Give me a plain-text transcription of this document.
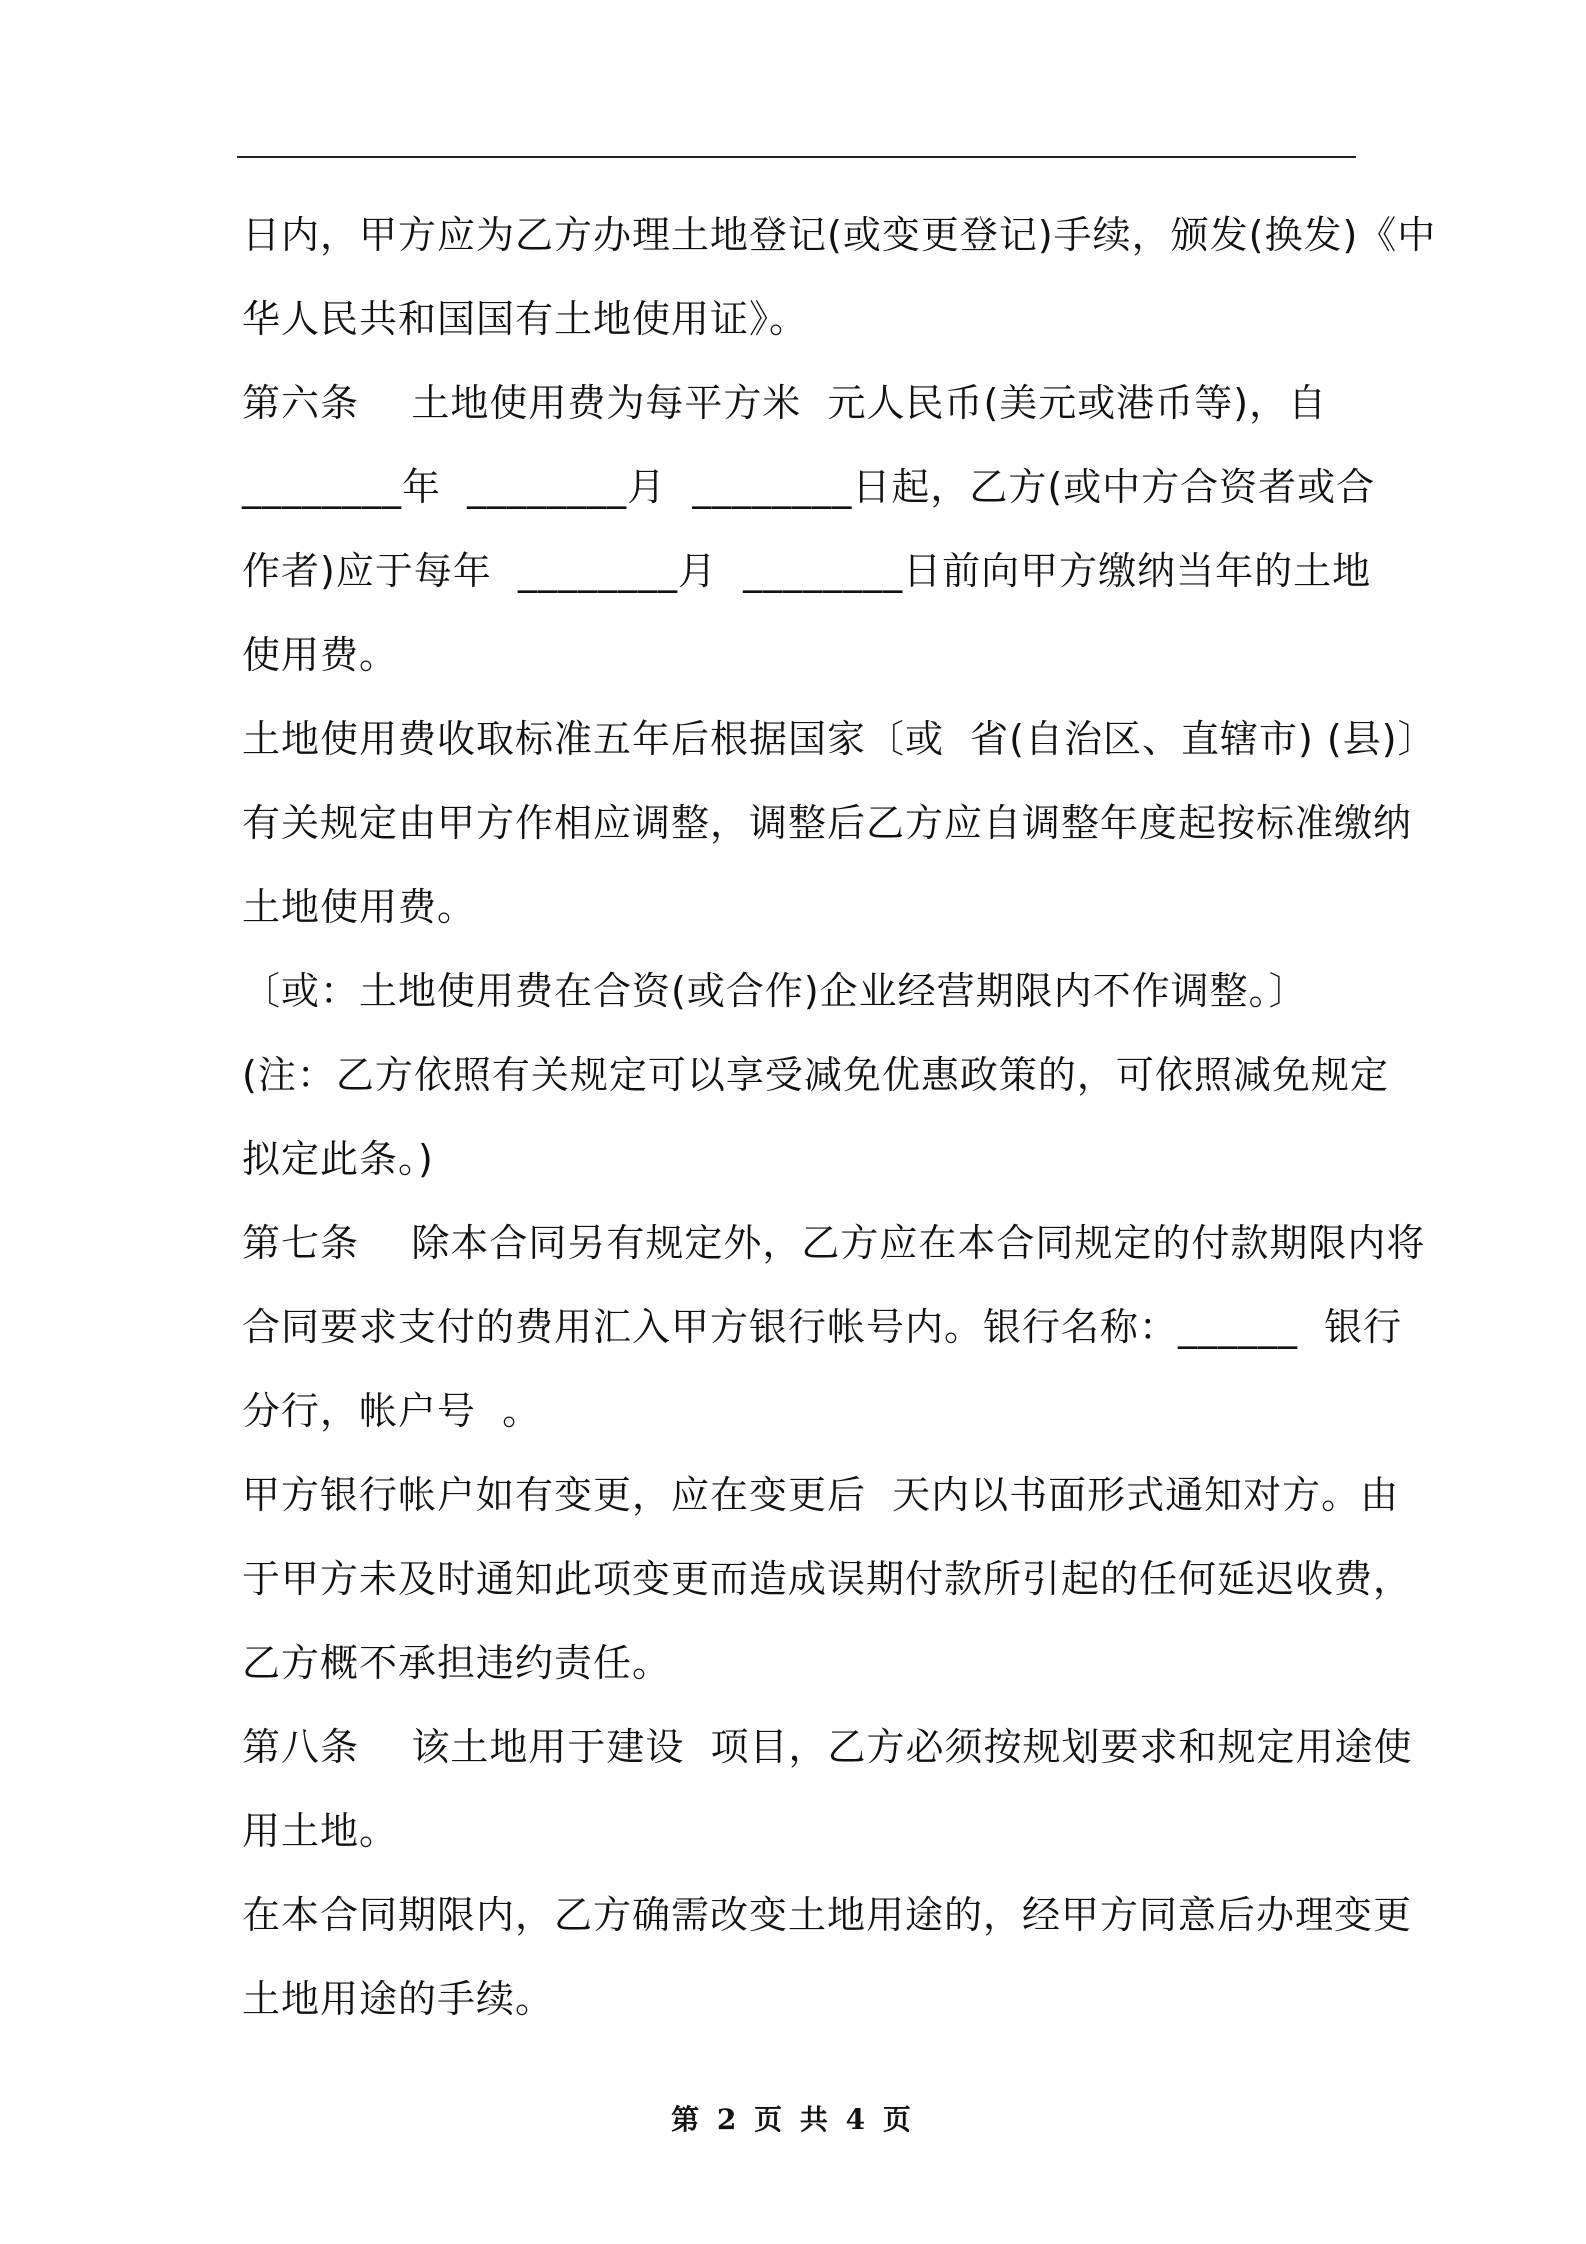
日内，甲方应为乙方办理土地登记(或变更登记)手续，颁发(换发)《中
华人民共和国国有土地使用证》。
第六条    土地使用费为每平方米  元人民币(美元或港币等)，自
________年  ________月  ________日起，乙方(或中方合资者或合
作者)应于每年  ________月  ________日前向甲方缴纳当年的土地
使用费。
土地使用费收取标准五年后根据国家〔或  省(自治区、直辖市) (县)〕
有关规定由甲方作相应调整，调整后乙方应自调整年度起按标准缴纳
土地使用费。
〔或：土地使用费在合资(或合作)企业经营期限内不作调整。〕
(注：乙方依照有关规定可以享受减免优惠政策的，可依照减免规定
拟定此条。)
第七条    除本合同另有规定外，乙方应在本合同规定的付款期限内将
合同要求支付的费用汇入甲方银行帐号内。银行名称：______  银行
分行，帐户号  。
甲方银行帐户如有变更，应在变更后  天内以书面形式通知对方。由
于甲方未及时通知此项变更而造成误期付款所引起的任何延迟收费，
乙方概不承担违约责任。
第八条    该土地用于建设  项目，乙方必须按规划要求和规定用途使
用土地。
在本合同期限内，乙方确需改变土地用途的，经甲方同意后办理变更
土地用途的手续。
第 2 页 共 4 页
